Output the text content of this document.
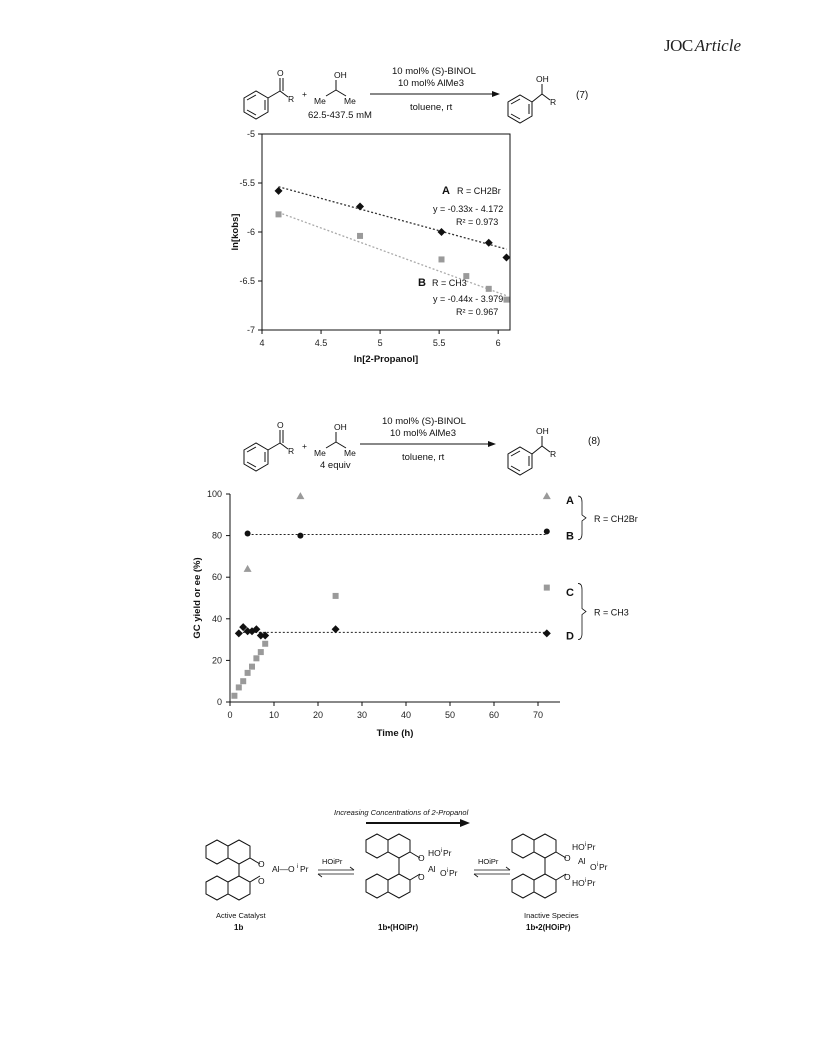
JOC Article
O
R +
OH
Me Me
62.5-437.5 mM
10 mol% (S)-BINOL
10 mol% AlMe3
toluene, rt
OH
R
(7)
4	4.5	5	5.5	6
-5
-5.5
-6
-6.5
-7
ln[2-Propanol]
ln[kobs]
A R = CH2Br
y = -0.33x - 4.172
R² = 0.973
B R = CH3
y = -0.44x - 3.979
R² = 0.967
O
R +
OH
Me Me
4 equiv
10 mol% (S)-BINOL
10 mol% AlMe3
toluene, rt
OH
R
(8)
0	10	20	30	40	50	60	70
0
20
40
60
80
100
Time (h)
GC yield or ee (%)
A
B
C
D
R = CH2Br
R = CH3
Increasing Concentrations of 2-Propanol
O
O
Al—O i Pr
Active Catalyst
1b
HOiPr	O
O
HO i Pr
Al O i Pr
1b•(HOiPr)
HOiPr	O
O
HO i Pr
Al
O i Pr
HO i Pr
Inactive Species
1b•2(HOiPr)
